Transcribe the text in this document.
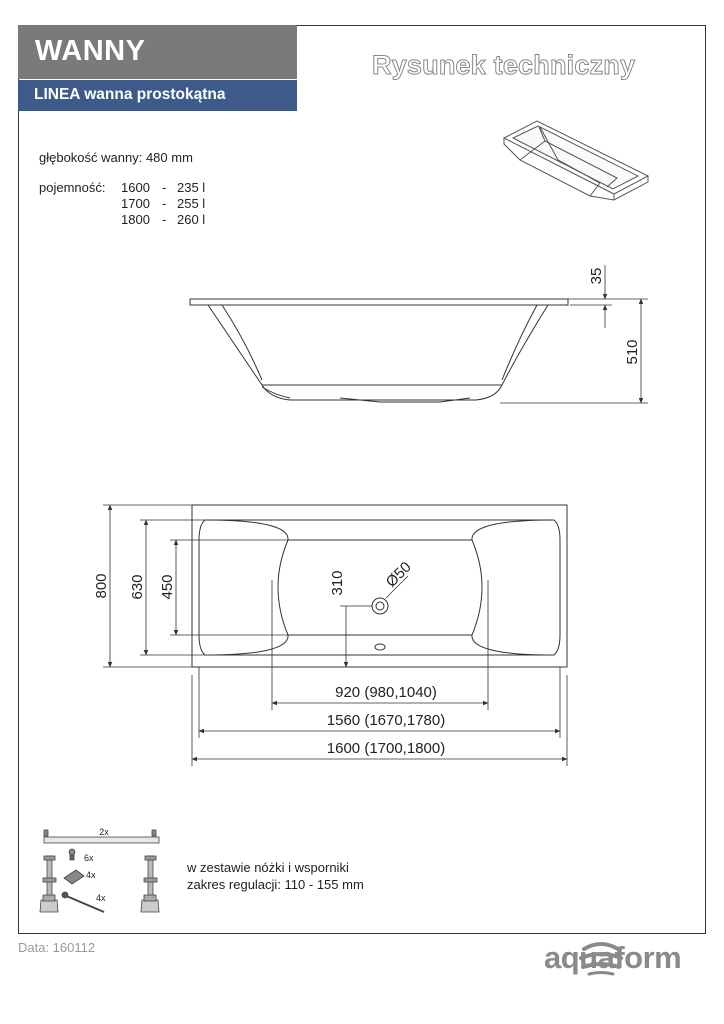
WANNY
LINEA wanna prostokątna
Rysunek techniczny
głębokość wanny: 480 mm
pojemność: 1600 - 235 l
1700 - 255 l
1800 - 260 l
35
510
800 630 450	310 Ø50
920 (980,1040)
1560 (1670,1780)
1600 (1700,1800)
2x
6x
4x
4x
w zestawie nóżki i wsporniki
zakres regulacji: 110 - 155 mm
Data: 160112	aquaform
